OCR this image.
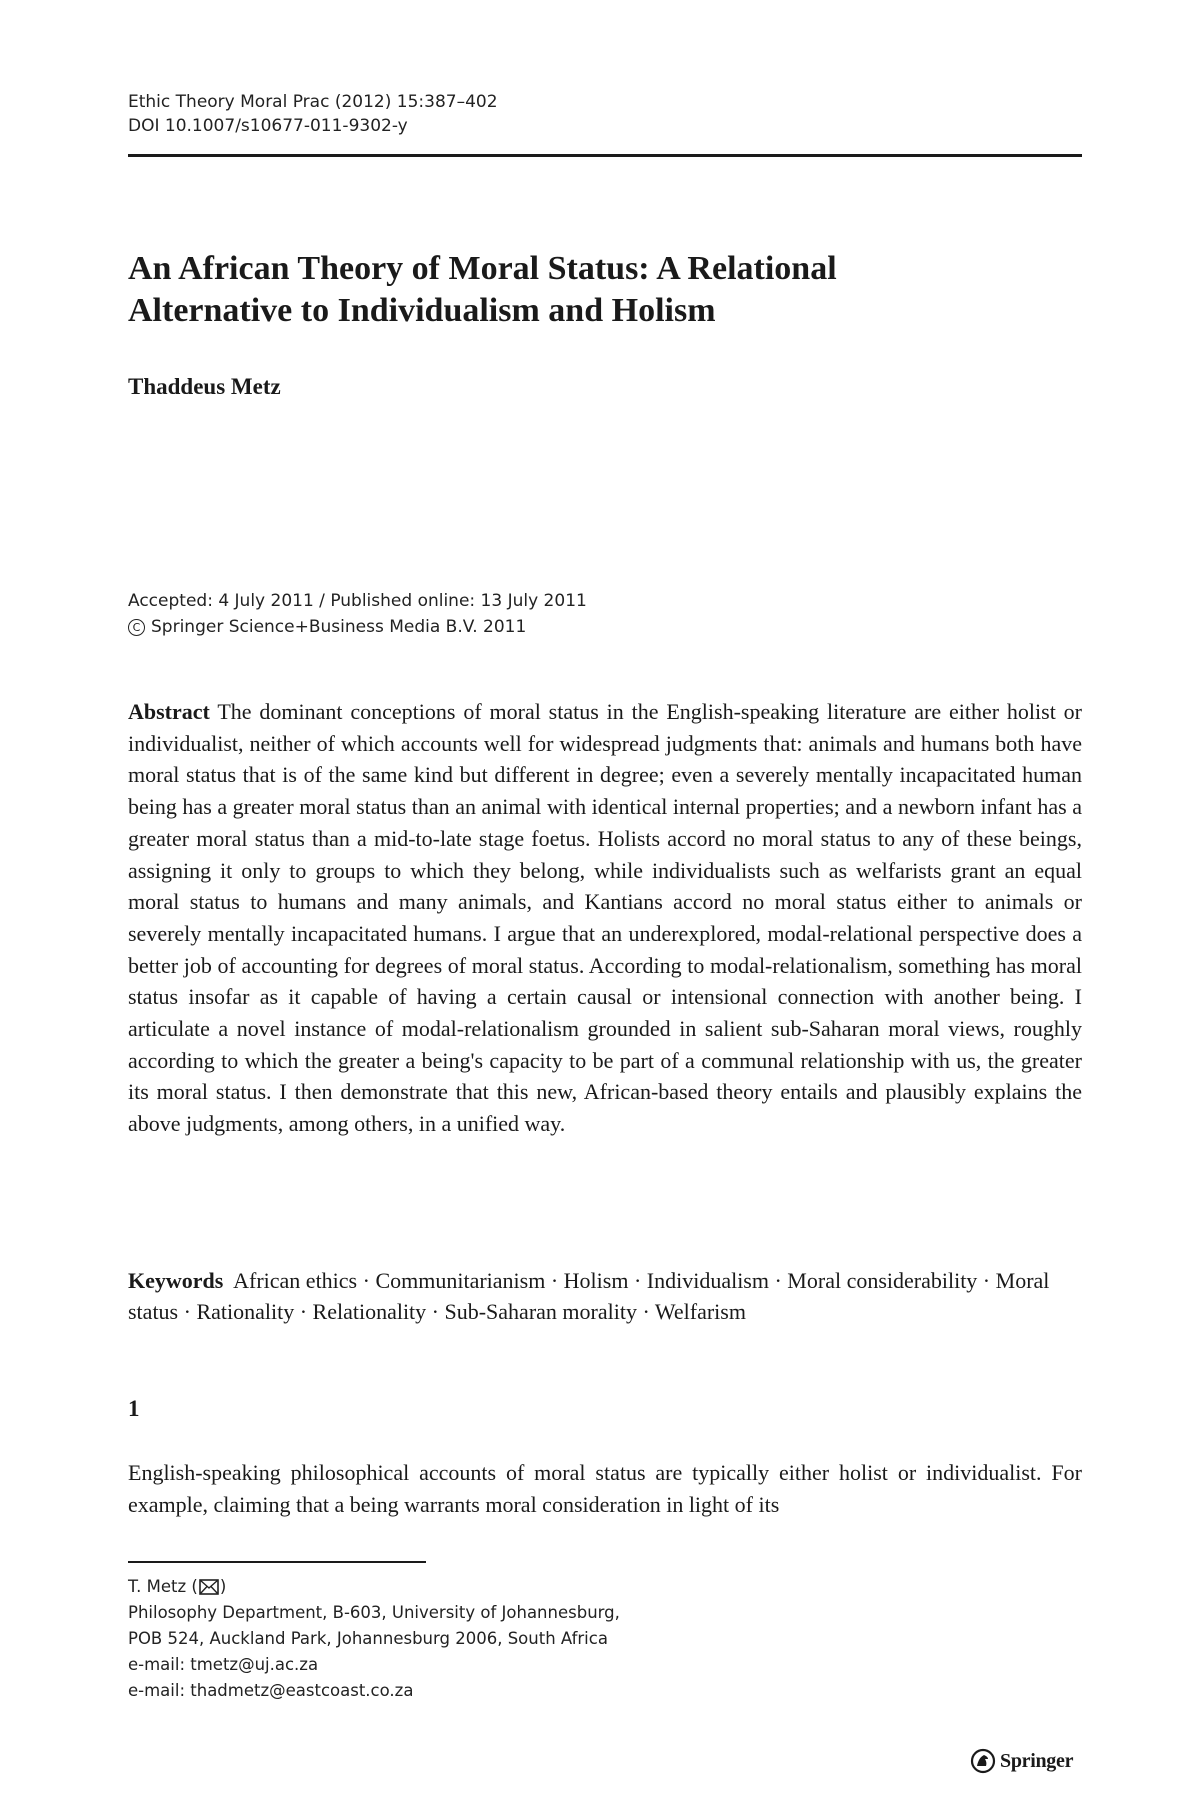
Ethic Theory Moral Prac (2012) 15:387–402
DOI 10.1007/s10677-011-9302-y
An African Theory of Moral Status: A Relational
Alternative to Individualism and Holism
Thaddeus Metz
Accepted: 4 July 2011 / Published online: 13 July 2011
C Springer Science+Business Media B.V. 2011

Abstract The dominant conceptions of moral status in the English-speaking literature are either holist or individualist, neither of which accounts well for widespread judgments that: animals and humans both have moral status that is of the same kind but different in degree; even a severely mentally incapacitated human being has a greater moral status than an animal with identical internal properties; and a newborn infant has a greater moral status than a mid-to-late stage foetus. Holists accord no moral status to any of these beings, assigning it only to groups to which they belong, while individualists such as welfarists grant an equal moral status to humans and many animals, and Kantians accord no moral status either to animals or severely mentally incapacitated humans. I argue that an underexplored, modal-relational perspective does a better job of accounting for degrees of moral status. According to modal-relationalism, something has moral status insofar as it capable of having a certain causal or intensional connection with another being. I articulate a novel instance of modal-relationalism grounded in salient sub-Saharan moral views, roughly according to which the greater a being's capacity to be part of a communal relationship with us, the greater its moral status. I then demonstrate that this new, African-based theory entails and plausibly explains the above judgments, among others, in a unified way.

Keywords African ethics · Communitarianism · Holism · Individualism · Moral considerability · Moral status · Rationality · Relationality · Sub-Saharan morality · Welfarism

1

English-speaking philosophical accounts of moral status are typically either holist or individualist. For example, claiming that a being warrants moral consideration in light of its

T. Metz ( )
Philosophy Department, B-603, University of Johannesburg,
POB 524, Auckland Park, Johannesburg 2006, South Africa
e-mail: tmetz@uj.ac.za
e-mail: thadmetz@eastcoast.co.za
Springer
